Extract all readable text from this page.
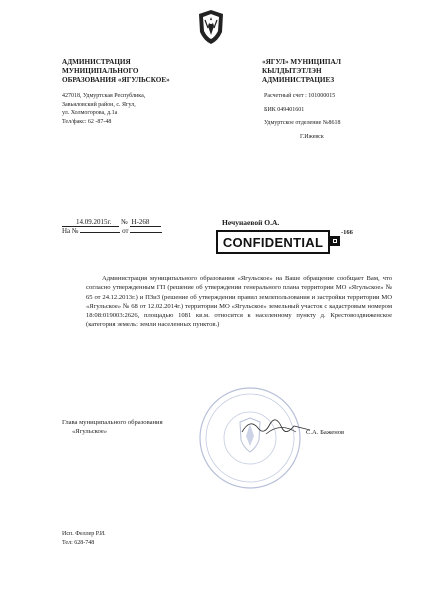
АДМИНИСТРАЦИЯ
МУНИЦИПАЛЬНОГО
ОБРАЗОВАНИЯ «ЯГУЛЬСКОЕ»
427018, Удмуртская Республика,
Завьяловский район, с. Ягул,
ул. Холмогорова, д.1а
Тел/факс: 62 -87-48
«ЯГУЛ» МУНИЦИПАЛ
КЫЛДЫТЭТЛЭН
АДМИНИСТРАЦИЕЗ
Расчетный счет : 101000015
БИК 049401601
Удмуртское отделение №8618
Г.Ижевск
14.09.2015г. № Н-268
На №	от
Нечунаевой О.А.
CONFIDENTIAL
-166
Администрация муниципального образования «Ягульское» на Ваше обращение сообщает Вам, что согласно утвержденным ГП (решение об утверждении генерального плана территории МО «Ягульское» № 65 от 24.12.2013г.) и ПЗиЗ (решение об утверждении правил землепользования и застройки территории МО «Ягульское» № 68 от 12.02.2014г.) территории МО «Ягульское» земельный участок с кадастровым номером 18:08:019003:2626, площадью 1081 кв.м. относится к населенному пункту д. Крестовоздвиженское (категория земель: земли населенных пунктов.)
Глава муниципального образования
«Ягульское»	С.А. Баженов
Исп. Феллер Р.И.
Тел: 628-748
